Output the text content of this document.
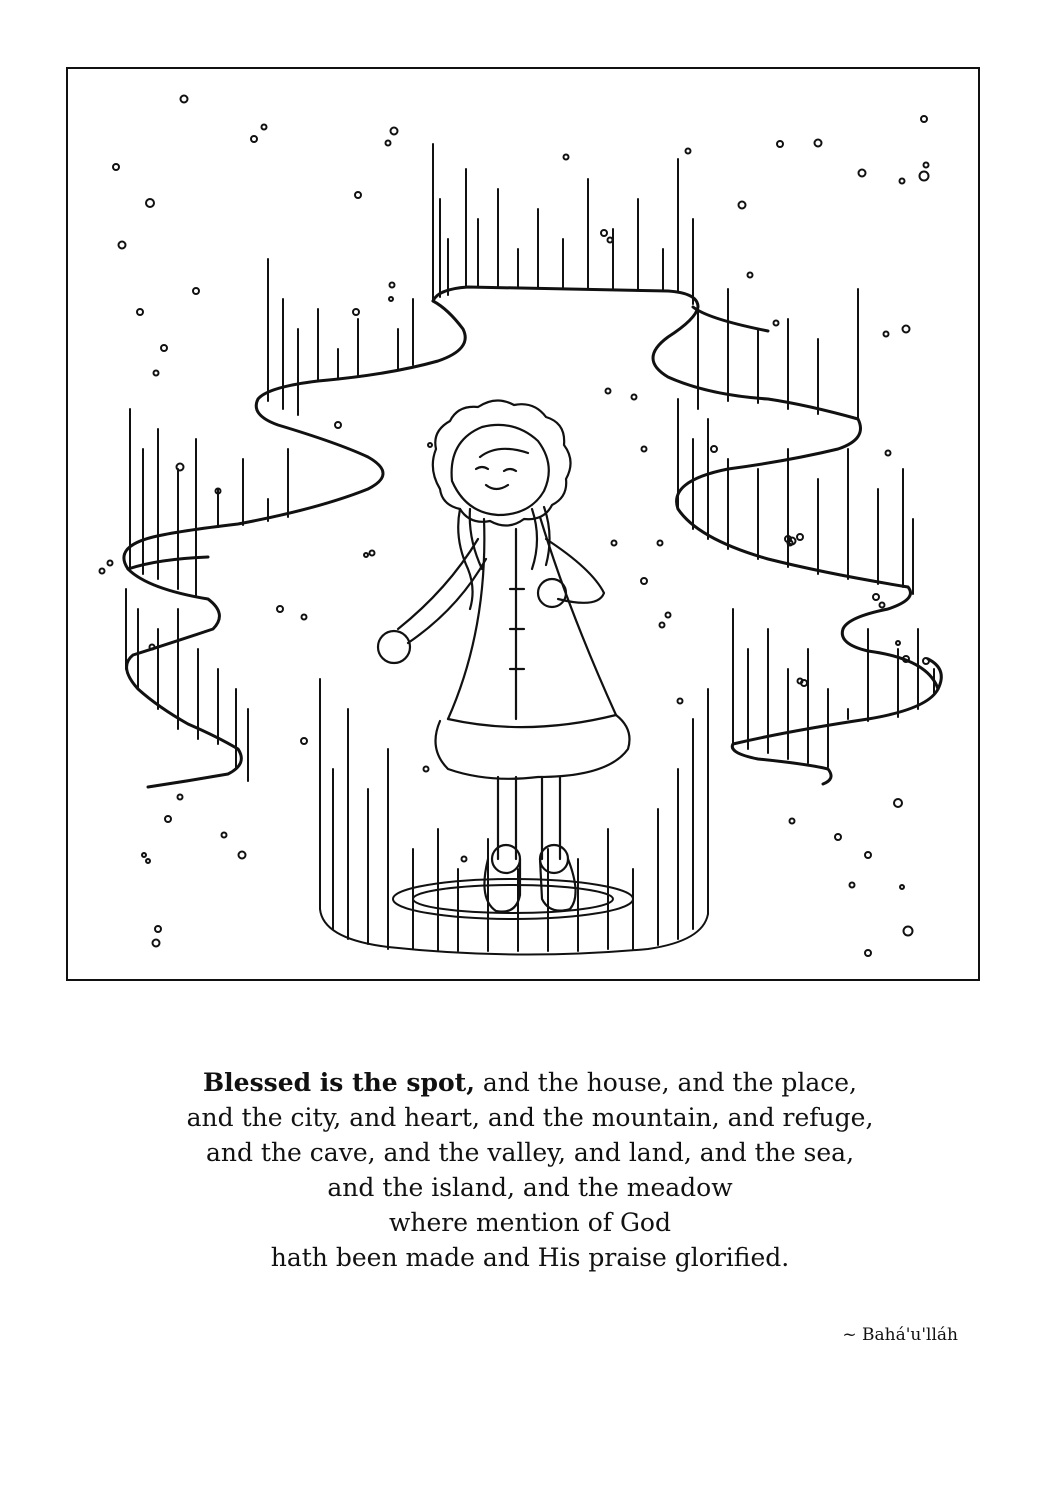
Blessed is the spot, and the house, and the place,
and the city, and heart, and the mountain, and refuge,
and the cave, and the valley, and land, and the sea,
and the island, and the meadow
where mention of God
hath been made and His praise glorified.
~ Bahá'u'lláh
